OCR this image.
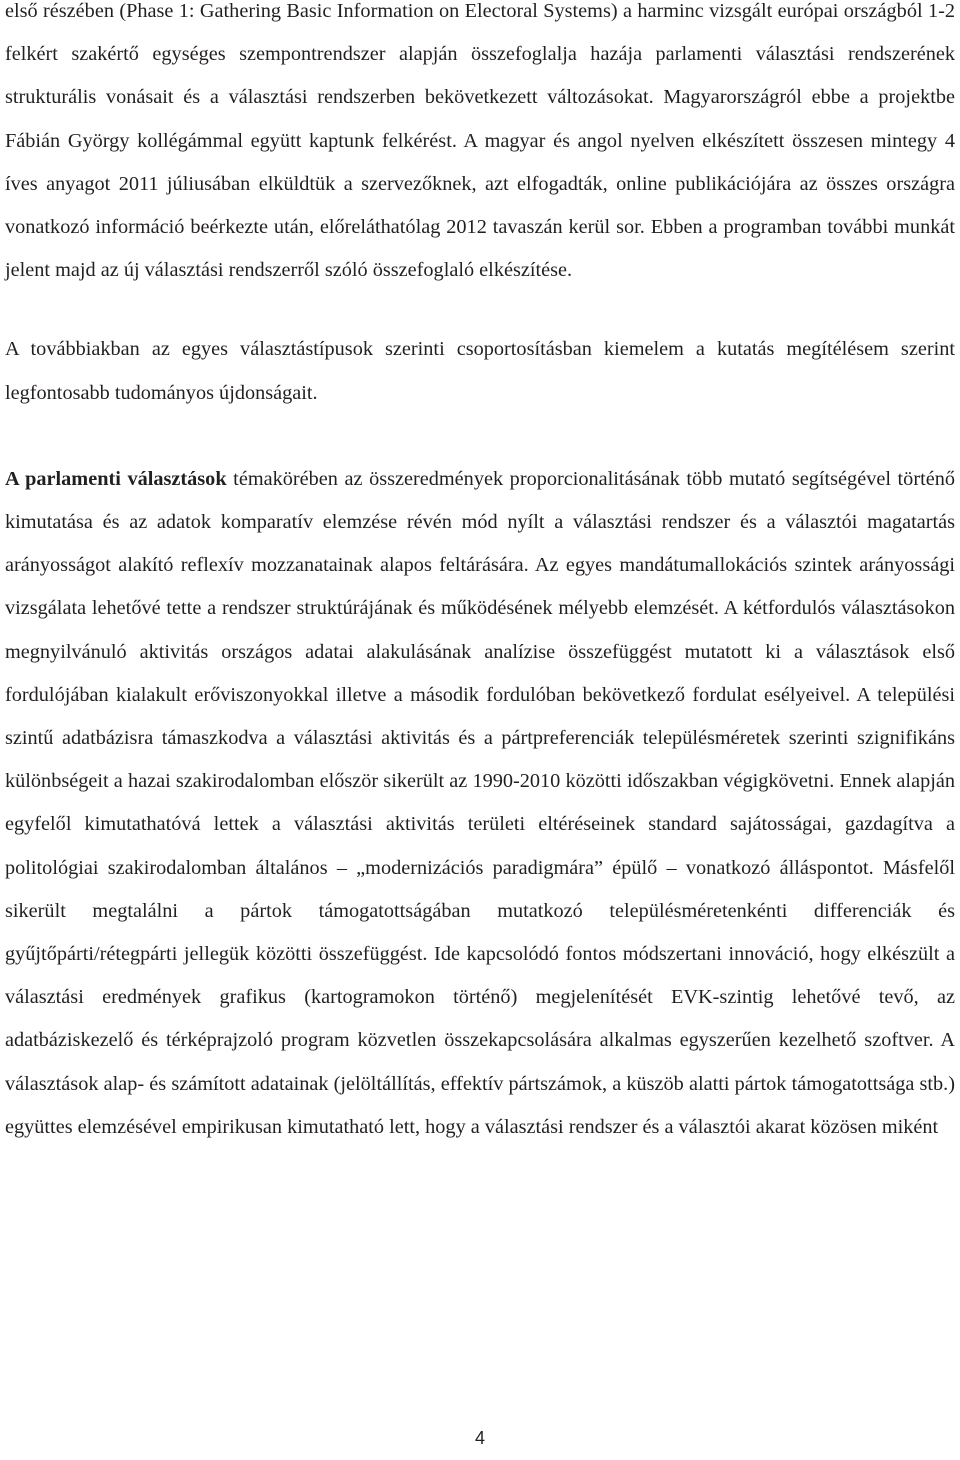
első részében (Phase 1: Gathering Basic Information on Electoral Systems) a harminc vizsgált európai országból 1-2 felkért szakértő egységes szempontrendszer alapján összefoglalja hazája parlamenti választási rendszerének strukturális vonásait és a választási rendszerben bekövetkezett változásokat. Magyarországról ebbe a projektbe Fábián György kollégámmal együtt kaptunk felkérést. A magyar és angol nyelven elkészített összesen mintegy 4 íves anyagot 2011 júliusában elküldtük a szervezőknek, azt elfogadták, online publikációjára az összes országra vonatkozó információ beérkezte után, előreláthatólag 2012 tavaszán kerül sor. Ebben a programban további munkát jelent majd az új választási rendszerről szóló összefoglaló elkészítése.

A továbbiakban az egyes választástípusok szerinti csoportosításban kiemelem a kutatás megítélésem szerint legfontosabb tudományos újdonságait.

A parlamenti választások témakörében az összeredmények proporcionalitásának több mutató segítségével történő kimutatása és az adatok komparatív elemzése révén mód nyílt a választási rendszer és a választói magatartás arányosságot alakító reflexív mozzanatainak alapos feltárására. Az egyes mandátumallokációs szintek arányossági vizsgálata lehetővé tette a rendszer struktúrájának és működésének mélyebb elemzését. A kétfordulós választásokon megnyilvánuló aktivitás országos adatai alakulásának analízise összefüggést mutatott ki a választások első fordulójában kialakult erőviszonyokkal illetve a második fordulóban bekövetkező fordulat esélyeivel. A települési szintű adatbázisra támaszkodva a választási aktivitás és a pártpreferenciák településméretek szerinti szignifikáns különbségeit a hazai szakirodalomban először sikerült az 1990-2010 közötti időszakban végigkövetni. Ennek alapján egyfelől kimutathatóvá lettek a választási aktivitás területi eltéréseinek standard sajátosságai, gazdagítva a politológiai szakirodalomban általános – „modernizációs paradigmára” épülő – vonatkozó álláspontot. Másfelől sikerült megtalálni a pártok támogatottságában mutatkozó településméretenkénti differenciák és gyűjtőpárti/rétegpárti jellegük közötti összefüggést. Ide kapcsolódó fontos módszertani innováció, hogy elkészült a választási eredmények grafikus (kartogramokon történő) megjelenítését EVK-szintig lehetővé tevő, az adatbáziskezelő és térképrajzoló program közvetlen összekapcsolására alkalmas egyszerűen kezelhető szoftver. A választások alap- és számított adatainak (jelöltállítás, effektív pártszámok, a küszöb alatti pártok támogatottsága stb.) együttes elemzésével empirikusan kimutatható lett, hogy a választási rendszer és a választói akarat közösen miként

4
